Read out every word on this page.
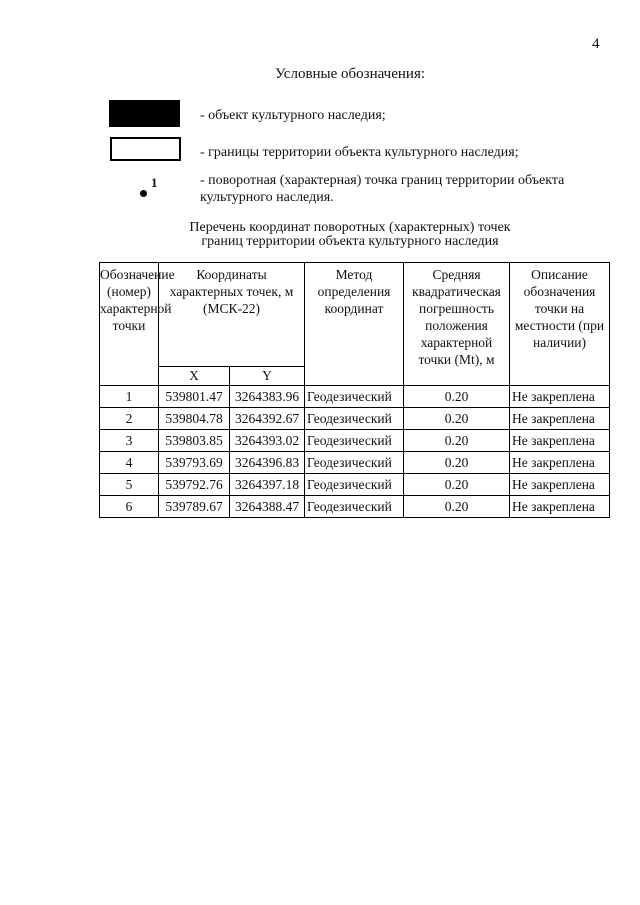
4
Условные обозначения:
- объект культурного наследия;
- границы территории объекта культурного наследия;
1	- поворотная (характерная) точка границ территории объекта культурного наследия.
Перечень координат поворотных (характерных) точек
границ территории объекта культурного наследия
Обозначение (номер) характерной точки	Координаты характерных точек, м (МСК-22)		Метод определения координат	Средняя квадратическая погрешность положения характерной точки (Mt), м	Описание обозначения точки на местности (при наличии)
	X	Y			
1	539801.47	3264383.96	Геодезический	0.20	Не закреплена
2	539804.78	3264392.67	Геодезический	0.20	Не закреплена
3	539803.85	3264393.02	Геодезический	0.20	Не закреплена
4	539793.69	3264396.83	Геодезический	0.20	Не закреплена
5	539792.76	3264397.18	Геодезический	0.20	Не закреплена
6	539789.67	3264388.47	Геодезический	0.20	Не закреплена
